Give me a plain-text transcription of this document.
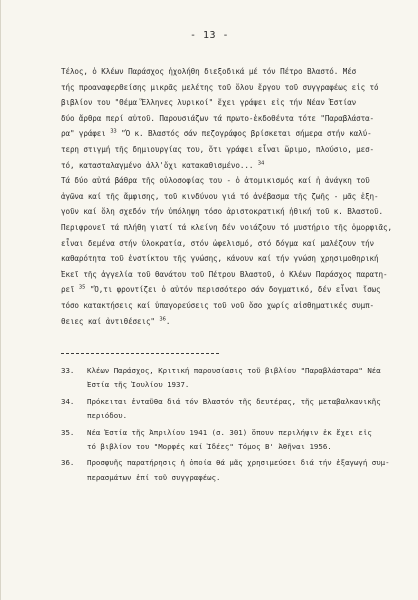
- 13 -
Τέλος, ὁ Κλέων Παράσχος ἠχολήθη διεξοδικά μέ τόν Πέτρο Βλαστό. Μέσ
τής προαναφερθείσης μικρᾶς μελέτης τοῦ ὅλου ἔργου τοῦ συγγραφέως εἰς τό
βιβλίον του "Θέμα Ἕλληνες λυρικοί" ἔχει γράψει εἰς τήν Νέαν Ἑστίαν
δύο ἄρθρα περί αὐτοῦ. Παρουσιάζων τά πρωτο-ἐκδοθέντα τότε "Παραβλάστα-
ρα" γράφει $^{33}$ "Ὁ κ. Βλαστός σάν πεζογράφος βρίσκεται σήμερα στήν καλύ-
τερη στιγμή τῆς δημιουργίας του, ὅτι γράφει εἶναι ὥριμο, πλούσιο, μεσ-
τό, κατασταλαγμένο ἀλλ'ὄχι κατακαθισμένο... $^{34}$
Τά δύο αὐτά βάθρα τῆς οὐλοσοφίας του - ὁ ἀτομικισμός καί ἡ ἀνάγκη τοῦ
ἀγῶνα καί τῆς ἄμφισης, τοῦ κινδύνου γιά τό ἀνέβασμα τῆς ζωῆς - μᾶς ἐξη-
γοῦν καί ὅλη σχεδόν τήν ὑπόληψη τόσο ἀριστοκρατική ἠθική τοῦ κ. Βλαστοῦ.
Περιφρονεῖ τά πλήθη γιατί τά κλείνη δέν νοιάζουν τό μυστήριο τῆς ὀμορφιᾶς,
εἶναι δεμένα στήν ὑλοκρατία, στόν ὠφελισμό, στό δόγμα καί μαλέζουν τήν
καθαρότητα τοῦ ἐνστίκτου τῆς γνώσης, κάνουν καί τήν γνώση χρησιμοθηρική
Ἐκεῖ τῆς ἀγγελία τοῦ θανάτου τοῦ Πέτρου Βλαστοῦ, ὁ Κλέων Παράσχος παρατη-
ρεῖ $^{35}$ "Ὁ,τι φροντίζει ὁ αὐτόν περισσότερο σάν δογματικό, δέν εἶναι ἴσως
τόσο κατακτήσεις καί ὑπαγορεύσεις τοῦ νοῦ ὅσο χωρίς αἰσθηματικές συμπ-
θειες καί ἀντιθέσεις" $^{36}$.
33.	Κλέων Παράσχος, Κριτική παρουσίασις τοῦ βιβλίου "Παραβλάσταρα" Νέα
Ἑστία τῆς Ἰουλίου 1937.
34.	Πρόκειται ἐνταῦθα διά τόν Βλαστόν τῆς δευτέρας, τῆς μεταβαλκανικῆς
περιόδου.
35.	Νέα Ἑστία τῆς Ἀπριλίου 1941 (σ. 301) ὅπουν περιλήψιν ἐκ ἔχει εἰς
τό βιβλίον του "Μορφές καί Ἰδέες" Τόμος Β' Ἀθῆναι 1956.
36.	Προσφυῆς παρατήρησις ἡ ὁποία θά μᾶς χρησιμεύσει διά τήν ἐξαγωγή συμ-
περασμάτων ἐπί τοῦ συγγραφέως.
